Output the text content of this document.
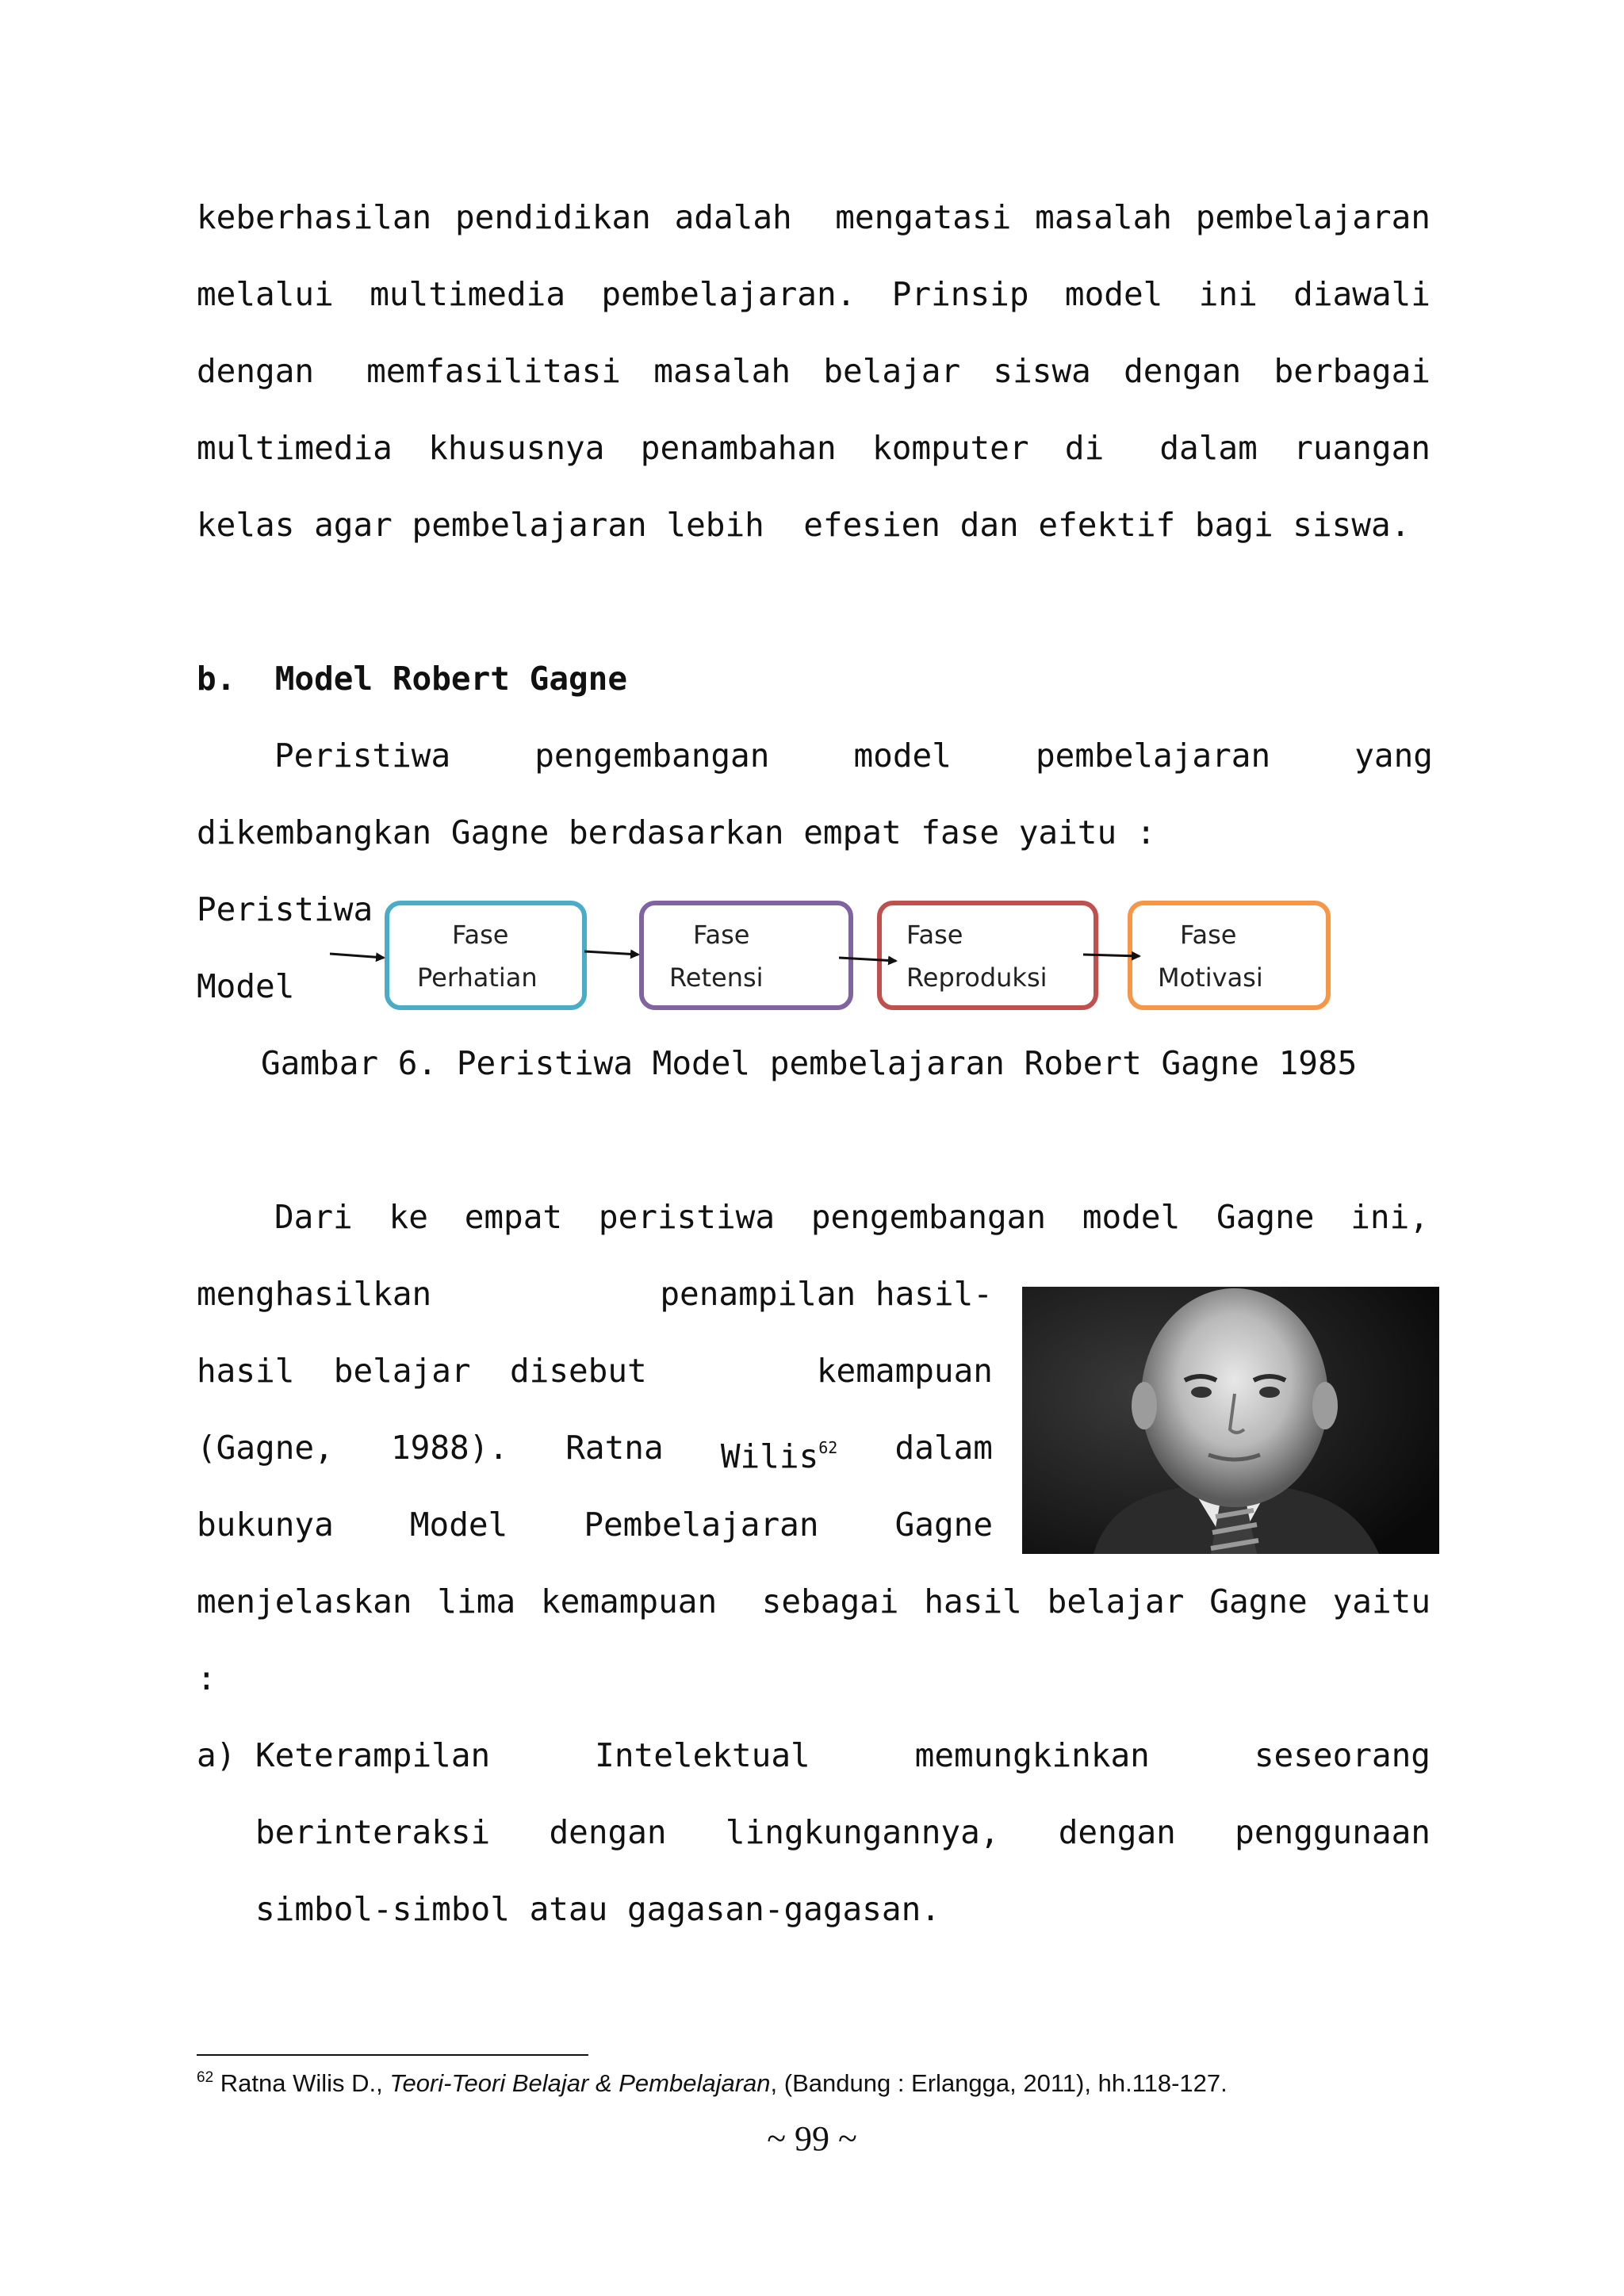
keberhasilan pendidikan adalah mengatasi masalah pembelajaran
melalui multimedia pembelajaran. Prinsip model ini diawali
dengan memfasilitasi masalah belajar siswa dengan berbagai
multimedia khususnya penambahan komputer di dalam ruangan
kelas agar pembelajaran lebih  efesien dan efektif bagi siswa.
b.  Model Robert Gagne
Peristiwa	pengembangan	model	pembelajaran	yang
dikembangkan Gagne berdasarkan empat fase yaitu :
Peristiwa
Model
Fase
Perhatian
Fase
Retensi
Fase
Reproduksi
Fase
Motivasi
Gambar 6. Peristiwa Model pembelajaran Robert Gagne 1985
Dari ke empat peristiwa pengembangan model Gagne ini,
menghasilkan	penampilan hasil-
hasil  belajar  disebut	kemampuan
(Gagne, 1988). Ratna Wilis$^{62}$ dalam
bukunya Model Pembelajaran Gagne
menjelaskan lima kemampuan sebagai hasil belajar Gagne yaitu
:
a) Keterampilan	Intelektual	memungkinkan	seseorang
berinteraksi dengan lingkungannya, dengan penggunaan
simbol-simbol atau gagasan-gagasan.
$^{62}$ Ratna Wilis D., Teori-Teori Belajar & Pembelajaran, (Bandung : Erlangga, 2011), hh.118-127.
~ 99 ~
